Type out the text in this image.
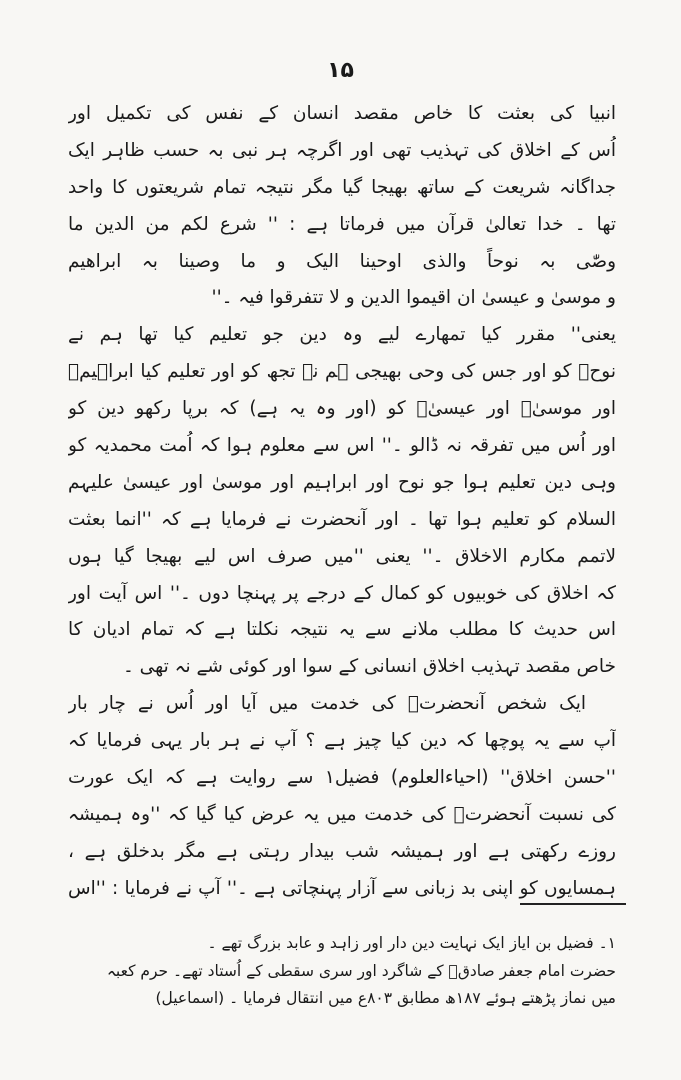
۱۵
انبیا کی بعثت کا خاص مقصد انسان کے نفس کی تکمیل اور
اُس کے اخلاق کی تہذیب تھی اور اگرچہ ہر نبی بہ حسب ظاہر ایک
جداگانہ شریعت کے ساتھ بھیجا گیا مگر نتیجہ تمام شریعتوں کا واحد
تھا ۔ خدا تعالیٰ قرآن میں فرماتا ہے : '' شرع لکم من الدین ما
وصّٰی بہ نوحاً والذی اوحینا الیک و ما وصینا بہ ابراھیم
و موسیٰ و عیسیٰ ان اقیموا الدین و لا تتفرقوا فیہ ۔''
یعنی'' مقرر کیا تمھارے لیے وہ دین جو تعلیم کیا تھا ہم نے
نوحؑ کو اور جس کی وحی بھیجی ہم نے تجھ کو اور تعلیم کیا ابراہیمؑ
اور موسیٰؑ اور عیسیٰؑ کو (اور وہ یہ ہے) کہ برپا رکھو دین کو
اور اُس میں تفرقہ نہ ڈالو ۔'' اس سے معلوم ہوا کہ اُمت محمدیہ کو
وہی دین تعلیم ہوا جو نوح اور ابراہیم اور موسیٰ اور عیسیٰ علیہم
السلام کو تعلیم ہوا تھا ۔ اور آنحضرت نے فرمایا ہے کہ ''انما بعثت
لاتمم مکارم الاخلاق ۔'' یعنی ''میں صرف اس لیے بھیجا گیا ہوں
کہ اخلاق کی خوبیوں کو کمال کے درجے پر پہنچا دوں ۔'' اس آیت اور
اس حدیث کا مطلب ملانے سے یہ نتیجہ نکلتا ہے کہ تمام ادیان کا
خاص مقصد تہذیب اخلاق انسانی کے سوا اور کوئی شے نہ تھی ۔
ایک شخص آنحضرتؐ کی خدمت میں آیا اور اُس نے چار بار
آپ سے یہ پوچھا کہ دین کیا چیز ہے ؟ آپ نے ہر بار یہی فرمایا کہ
''حسن اخلاق'' (احیاءالعلوم) فضیل۱ سے روایت ہے کہ ایک عورت
کی نسبت آنحضرتؐ کی خدمت میں یہ عرض کیا گیا کہ ''وہ ہمیشہ
روزے رکھتی ہے اور ہمیشہ شب بیدار رہتی ہے مگر بدخلق ہے ،
ہمسایوں کو اپنی بد زبانی سے آزار پہنچاتی ہے ۔'' آپ نے فرمایا : ''اس
۱۔ فضیل بن ایاز ایک نہایت دین دار اور زاہد و عابد بزرگ تھے ۔
حضرت امام جعفر صادقؑ کے شاگرد اور سری سقطی کے اُستاد تھے۔ حرم کعبہ
میں نماز پڑھتے ہوئے ۱۸۷ھ مطابق ۸۰۳ع میں انتقال فرمایا ۔ (اسماعیل)
